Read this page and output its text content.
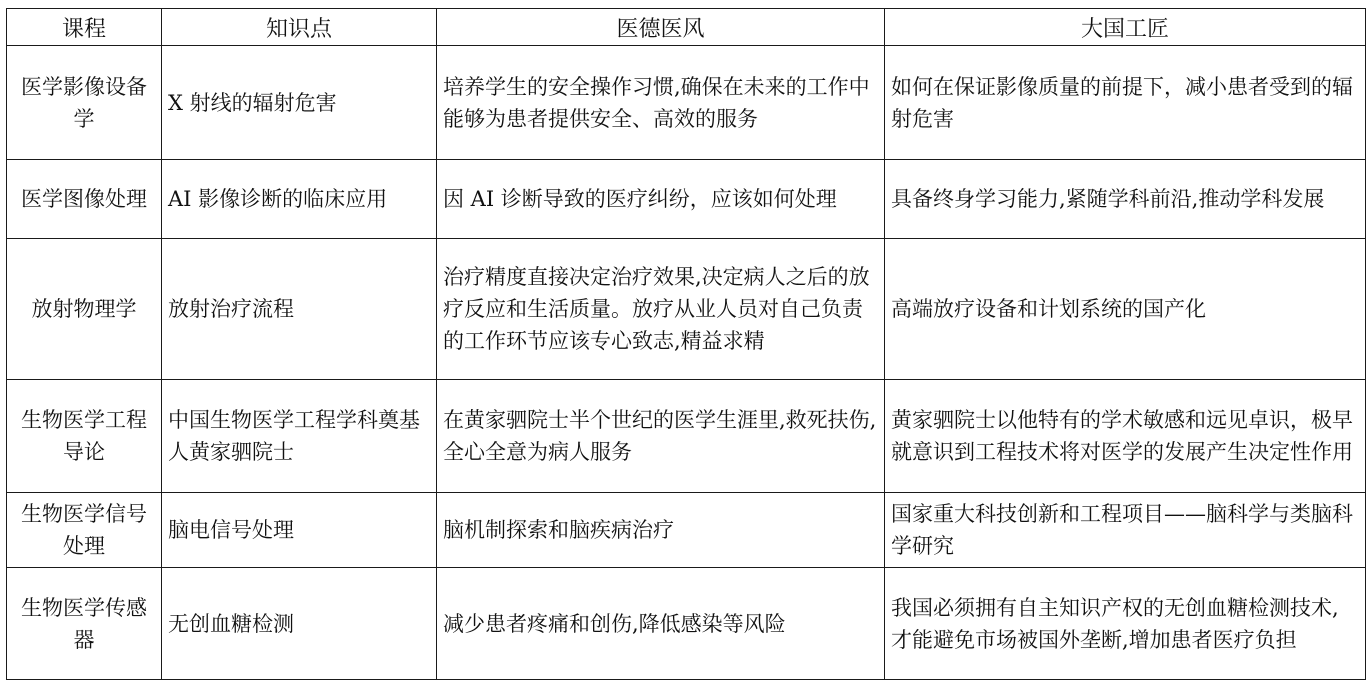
课程	知识点	医德医风	大国工匠
医学影像设备学	X 射线的辐射危害	培养学生的安全操作习惯,确保在未来的工作中能够为患者提供安全、高效的服务	如何在保证影像质量的前提下，减小患者受到的辐射危害
医学图像处理	AI 影像诊断的临床应用	因 AI 诊断导致的医疗纠纷，应该如何处理	具备终身学习能力,紧随学科前沿,推动学科发展
放射物理学	放射治疗流程	治疗精度直接决定治疗效果,决定病人之后的放疗反应和生活质量。放疗从业人员对自己负责的工作环节应该专心致志,精益求精	高端放疗设备和计划系统的国产化
生物医学工程导论	中国生物医学工程学科奠基人黄家驷院士	在黄家驷院士半个世纪的医学生涯里,救死扶伤,全心全意为病人服务	黄家驷院士以他特有的学术敏感和远见卓识，极早就意识到工程技术将对医学的发展产生决定性作用
生物医学信号处理	脑电信号处理	脑机制探索和脑疾病治疗	国家重大科技创新和工程项目——脑科学与类脑科学研究
生物医学传感器	无创血糖检测	减少患者疼痛和创伤,降低感染等风险	我国必须拥有自主知识产权的无创血糖检测技术,才能避免市场被国外垄断,增加患者医疗负担
